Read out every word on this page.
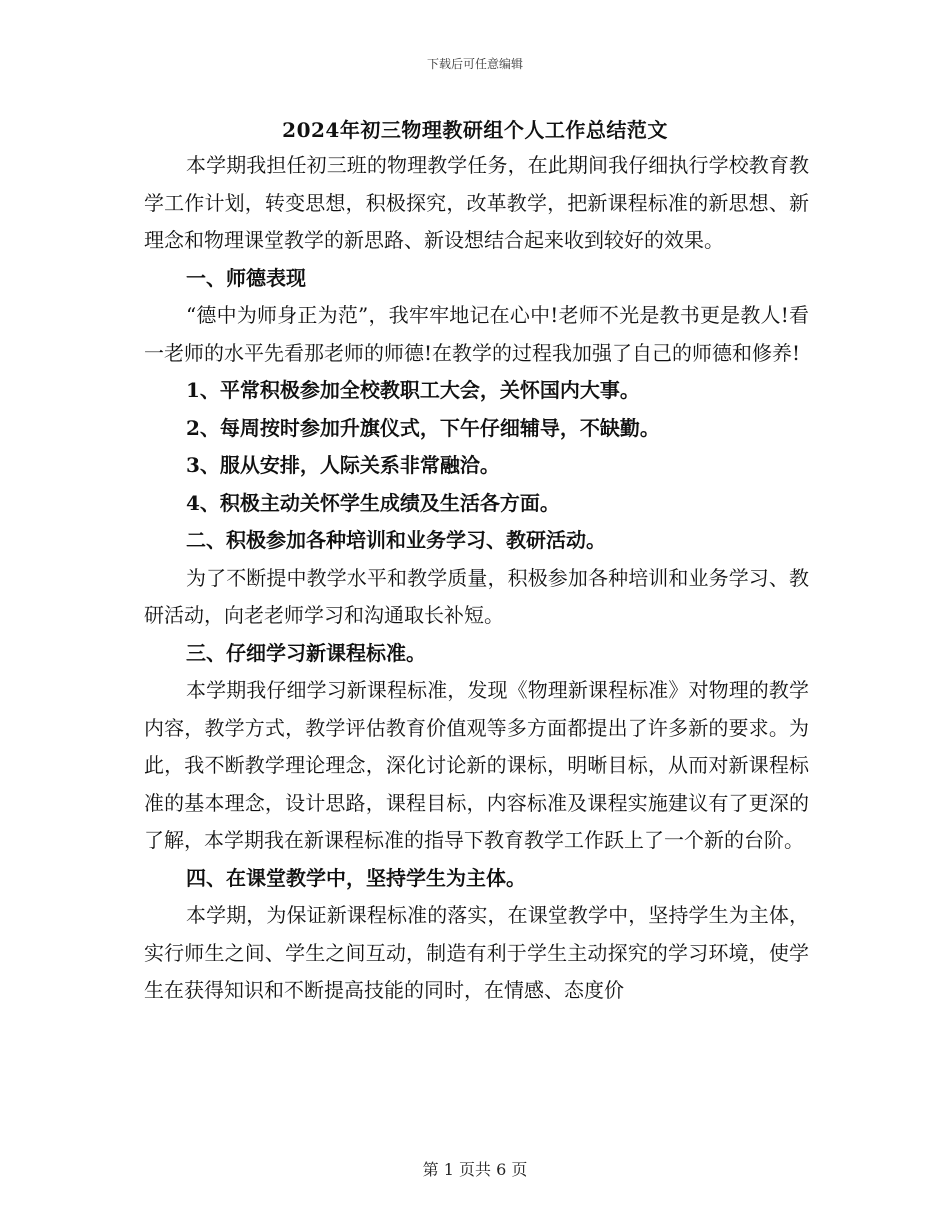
下载后可任意编辑
2024年初三物理教研组个人工作总结范文

本学期我担任初三班的物理教学任务，在此期间我仔细执行学校教育教学工作计划，转变思想，积极探究，改革教学，把新课程标准的新思想、新理念和物理课堂教学的新思路、新设想结合起来收到较好的效果。

一、师德表现

“德中为师身正为范”，我牢牢地记在心中!老师不光是教书更是教人!看一老师的水平先看那老师的师德!在教学的过程我加强了自己的师德和修养!

1、平常积极参加全校教职工大会，关怀国内大事。

2、每周按时参加升旗仪式，下午仔细辅导，不缺勤。

3、服从安排，人际关系非常融洽。

4、积极主动关怀学生成绩及生活各方面。

二、积极参加各种培训和业务学习、教研活动。

为了不断提中教学水平和教学质量，积极参加各种培训和业务学习、教研活动，向老老师学习和沟通取长补短。

三、仔细学习新课程标准。

本学期我仔细学习新课程标准，发现《物理新课程标准》对物理的教学内容，教学方式，教学评估教育价值观等多方面都提出了许多新的要求。为此，我不断教学理论理念，深化讨论新的课标，明晰目标，从而对新课程标准的基本理念，设计思路，课程目标，内容标准及课程实施建议有了更深的了解，本学期我在新课程标准的指导下教育教学工作跃上了一个新的台阶。

四、在课堂教学中，坚持学生为主体。

本学期，为保证新课程标准的落实，在课堂教学中，坚持学生为主体，实行师生之间、学生之间互动，制造有利于学生主动探究的学习环境，使学生在获得知识和不断提高技能的同时，在情感、态度价

第 1 页共 6 页
